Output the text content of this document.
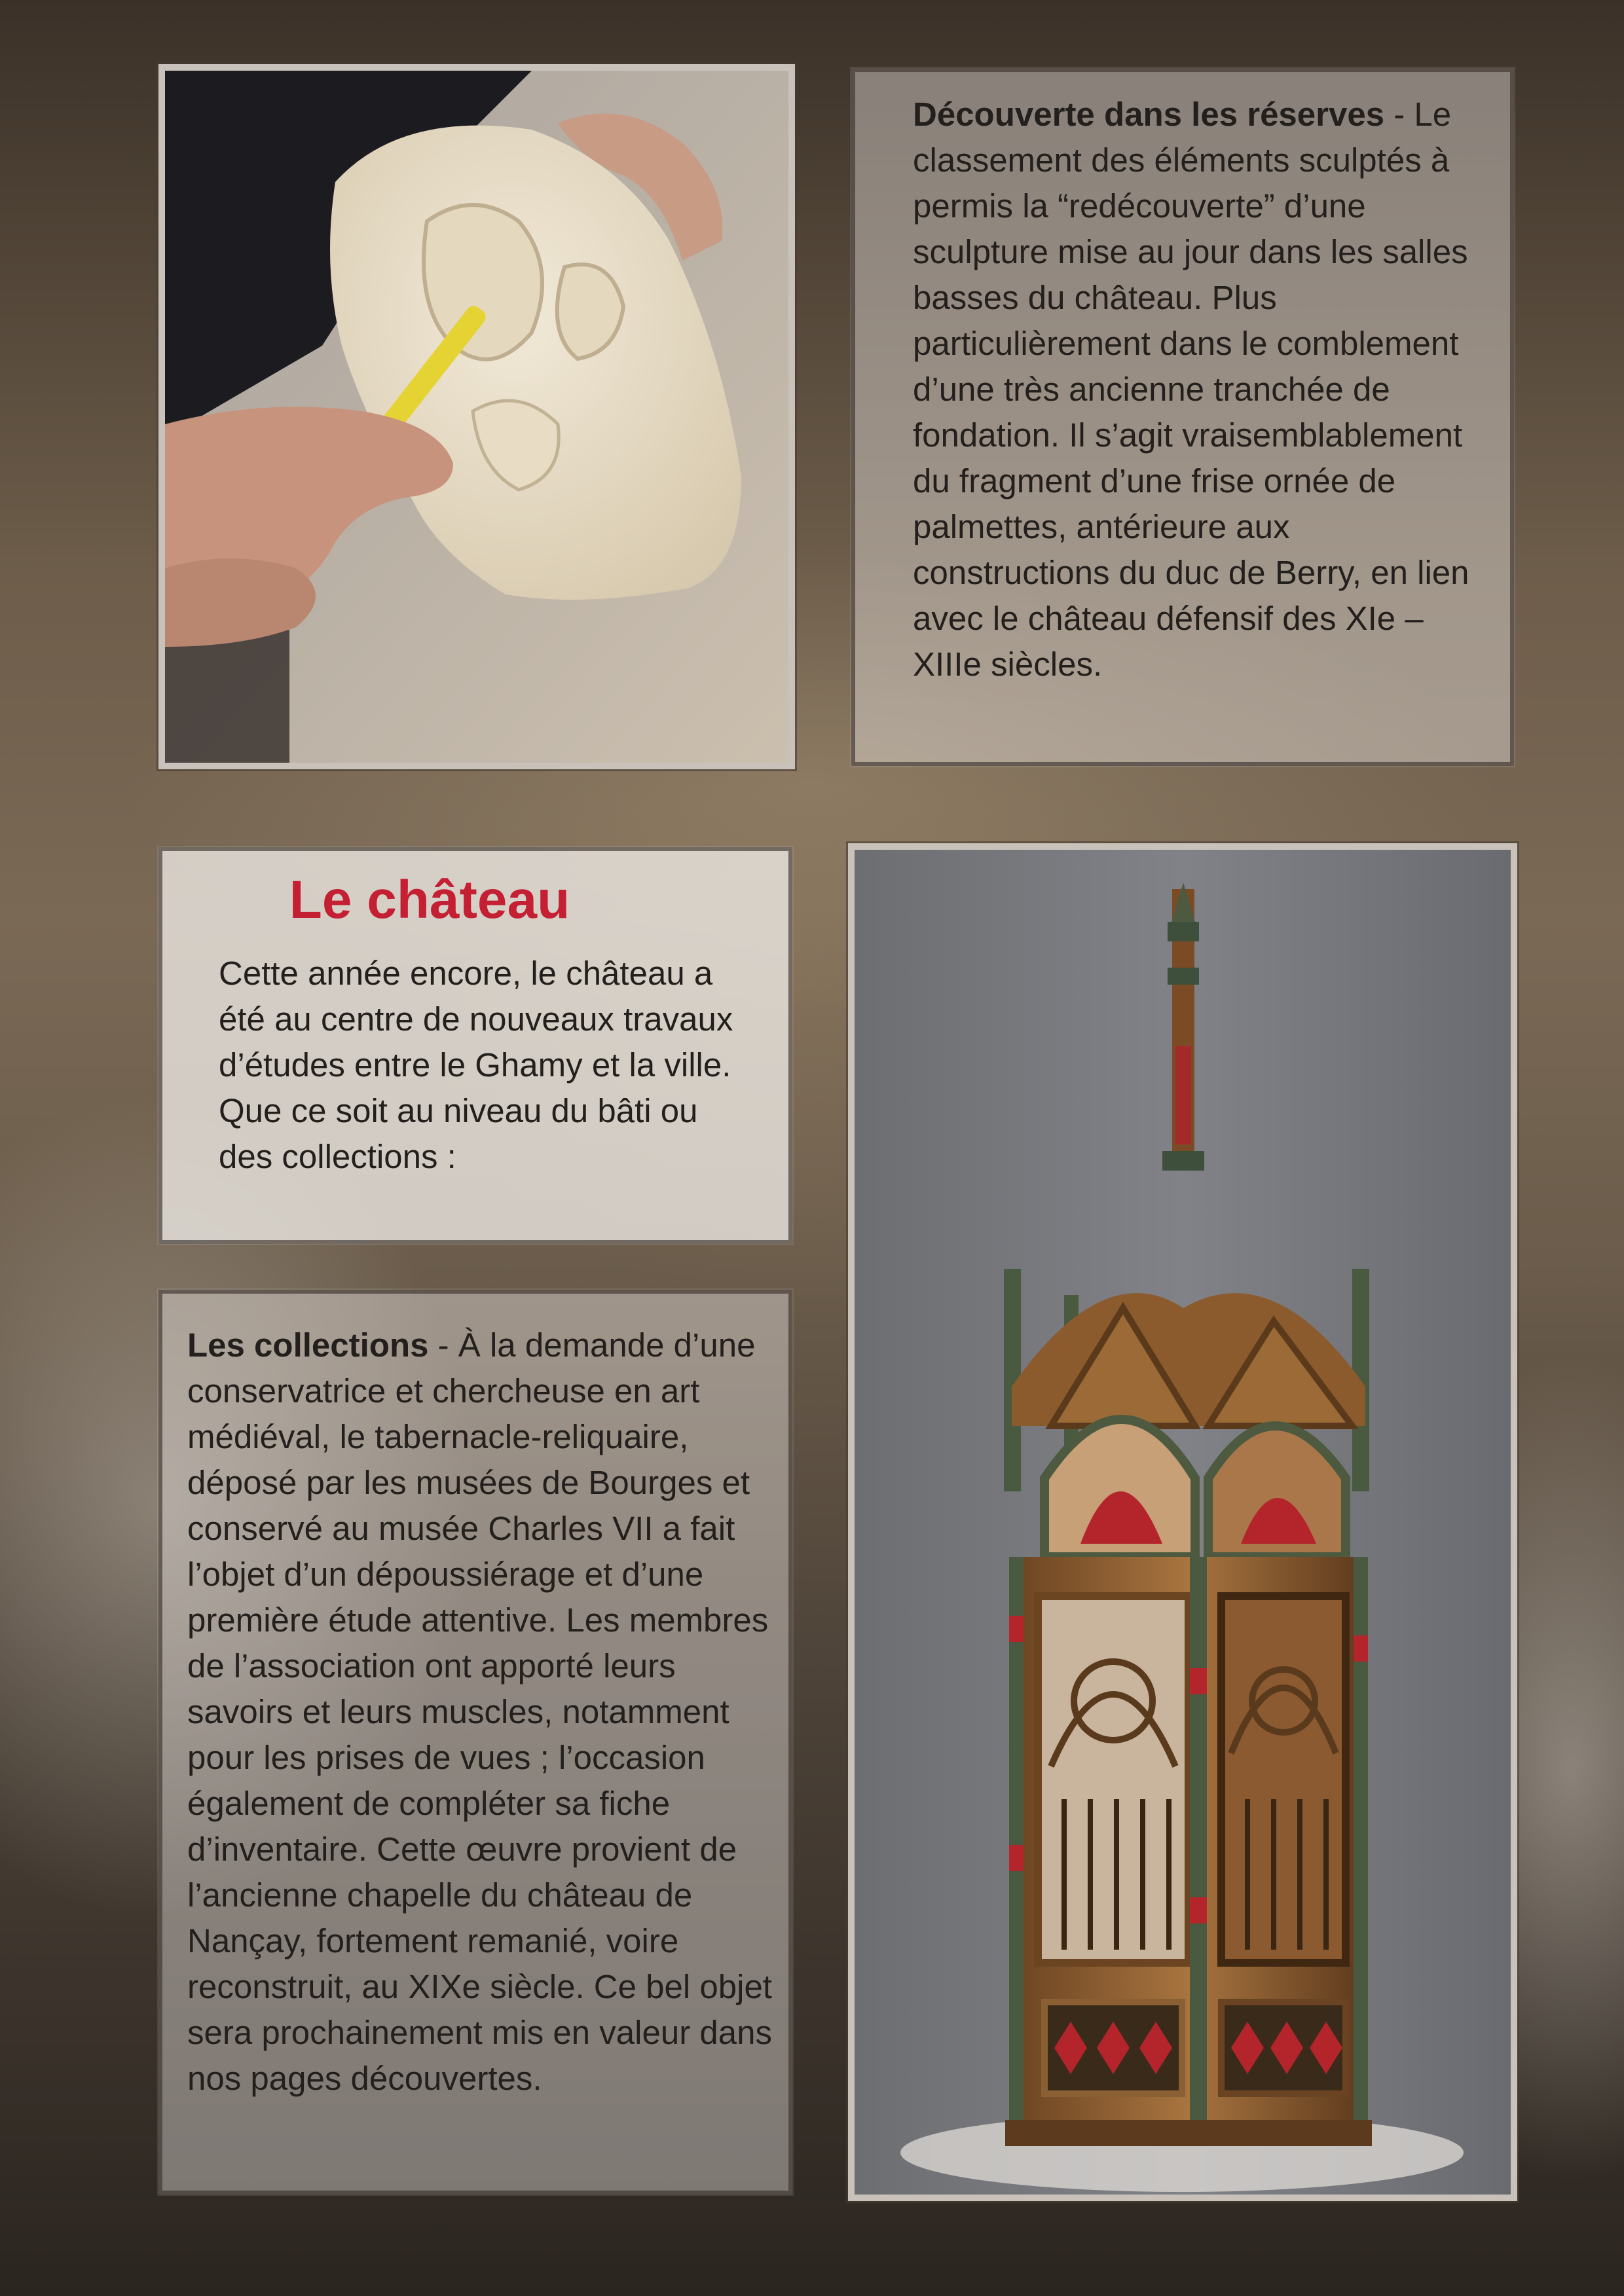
Découverte dans les réserves - Le classement des éléments sculptés à permis la “redécouverte” d’une sculpture mise au jour dans les salles basses du château. Plus particulièrement dans le comblement d’une très ancienne tranchée de fondation. Il s’agit vraisemblablement du fragment d’une frise ornée de palmettes, antérieure aux constructions du duc de Berry, en lien avec le château défensif des XIe – XIIIe siècles.

Le château

Cette année encore, le château a été au centre de nouveaux travaux d’études entre le Ghamy et la ville. Que ce soit au niveau du bâti ou des collections :

Les collections - À la demande d’une conservatrice et chercheuse en art médiéval, le tabernacle-reliquaire, déposé par les musées de Bourges et conservé au musée Charles VII a fait l’objet d’un dépoussiérage et d’une première étude attentive. Les membres de l’association ont apporté leurs savoirs et leurs muscles, notamment pour les prises de vues ; l’occasion également de compléter sa fiche d’inventaire. Cette œuvre provient de l’ancienne chapelle du château de Nançay, fortement remanié, voire reconstruit, au XIXe siècle. Ce bel objet sera prochainement mis en valeur dans nos pages découvertes.
